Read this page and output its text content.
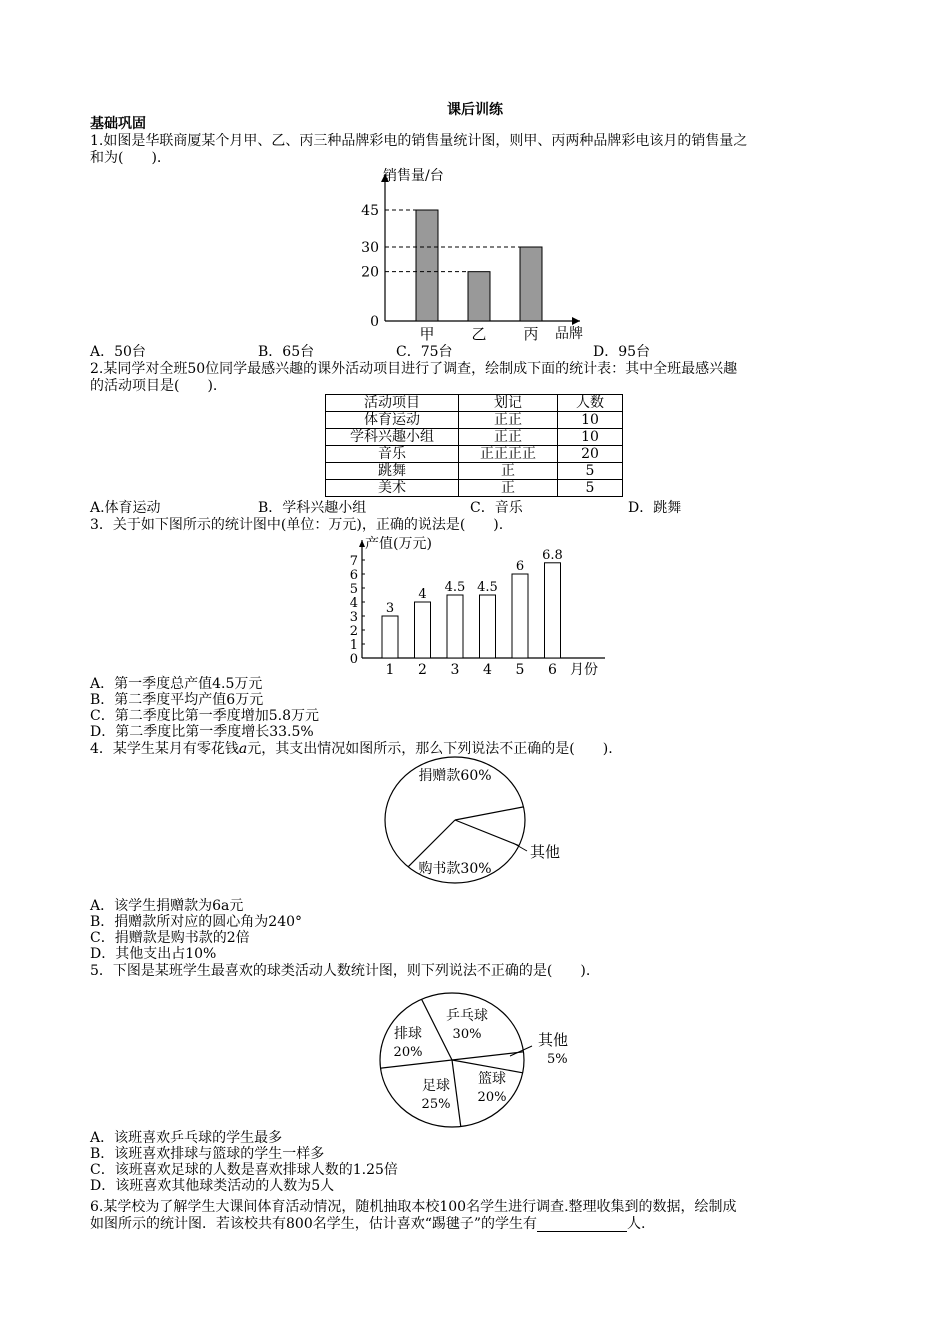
课后训练
基础巩固
1.如图是华联商厦某个月甲、乙、丙三种品牌彩电的销售量统计图，则甲、丙两种品牌彩电该月的销售量之
和为(　　).
销售量/台
品牌
45
30
20
0
甲 乙 丙
A．50台	B．65台	C．75台	D．95台
2.某同学对全班50位同学最感兴趣的课外活动项目进行了调查，绘制成下面的统计表：其中全班最感兴趣
的活动项目是(　　).
活动项目	划记	人数
体育运动	正正	10
学科兴趣小组	正正	10
音乐	正正正正	20
跳舞	正	5
美术	正	5
A.体育运动	B．学科兴趣小组	C．音乐	D．跳舞
3．关于如下图所示的统计图中(单位：万元)，正确的说法是(　　).
产值(万元)
月份
0
1
2
3
4
5
6
7
3
1
4
2
4.5
3
4.5
4
6
5
6.8
6
A．第一季度总产值4.5万元
B．第二季度平均产值6万元
C．第二季度比第一季度增加5.8万元
D．第二季度比第一季度增长33.5%
4．某学生某月有零花钱a元，其支出情况如图所示，那么下列说法不正确的是(　　).
捐赠款60%
购书款30%
其他
A．该学生捐赠款为6a元
B．捐赠款所对应的圆心角为240°
C．捐赠款是购书款的2倍
D．其他支出占10%
5．下图是某班学生最喜欢的球类活动人数统计图，则下列说法不正确的是(　　).
乒乓球
30%
篮球
20%
足球
25%
排球
20%
其他
5%
A．该班喜欢乒乓球的学生最多
B．该班喜欢排球与篮球的学生一样多
C．该班喜欢足球的人数是喜欢排球人数的1.25倍
D．该班喜欢其他球类活动的人数为5人
6.某学校为了解学生大课间体育活动情况，随机抽取本校100名学生进行调查.整理收集到的数据，绘制成
如图所示的统计图．若该校共有800名学生，估计喜欢“踢毽子”的学生有	人.
